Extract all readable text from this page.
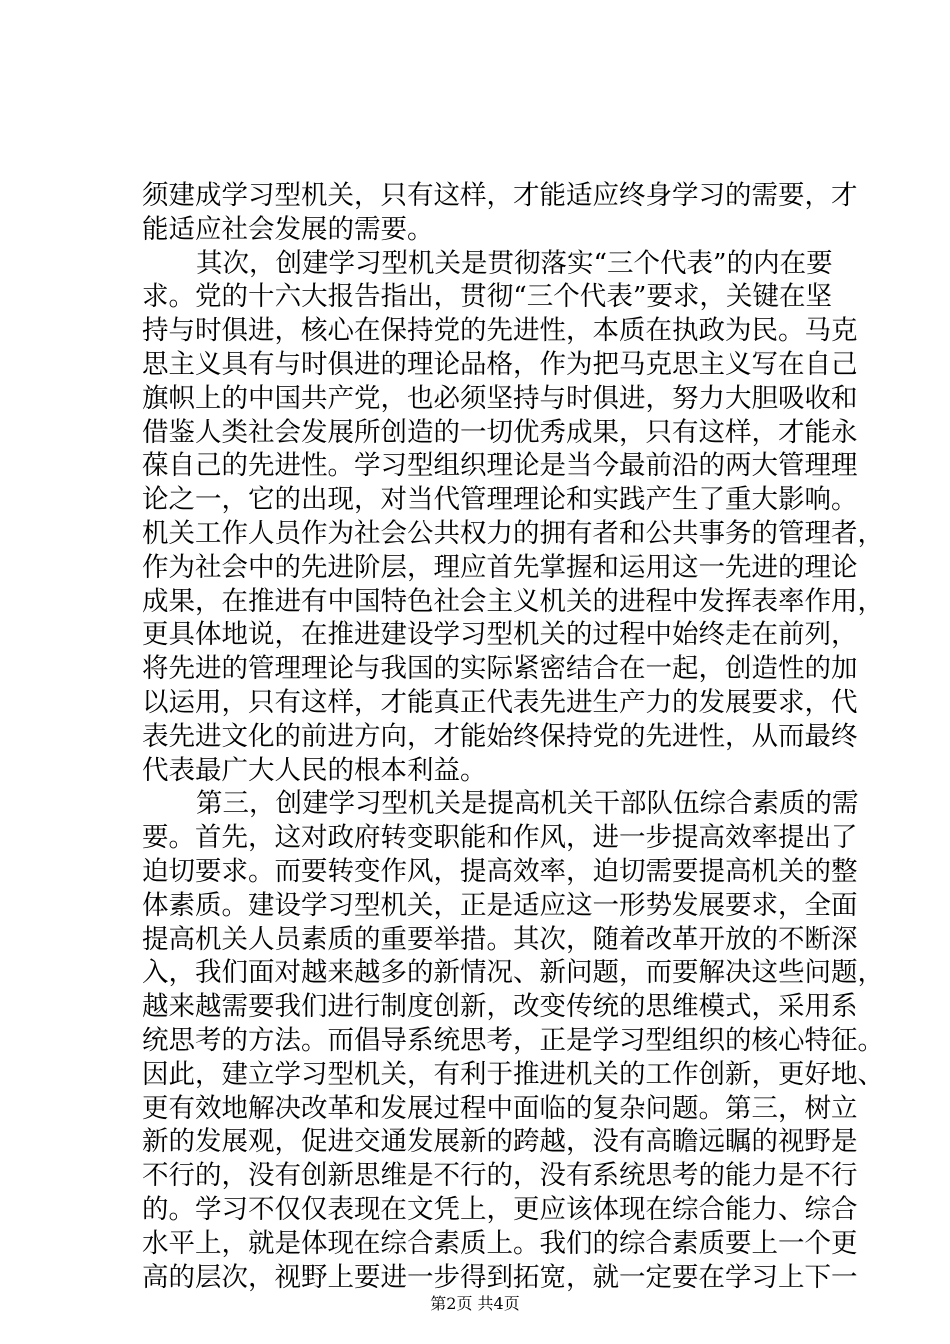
须建成学习型机关，只有这样，才能适应终身学习的需要，才
能适应社会发展的需要。
其次，创建学习型机关是贯彻落实“三个代表”的内在要
求。党的十六大报告指出，贯彻“三个代表”要求，关键在坚
持与时俱进，核心在保持党的先进性，本质在执政为民。马克
思主义具有与时俱进的理论品格，作为把马克思主义写在自己
旗帜上的中国共产党，也必须坚持与时俱进，努力大胆吸收和
借鉴人类社会发展所创造的一切优秀成果，只有这样，才能永
葆自己的先进性。学习型组织理论是当今最前沿的两大管理理
论之一，它的出现，对当代管理理论和实践产生了重大影响。
机关工作人员作为社会公共权力的拥有者和公共事务的管理者，
作为社会中的先进阶层，理应首先掌握和运用这一先进的理论
成果，在推进有中国特色社会主义机关的进程中发挥表率作用，
更具体地说，在推进建设学习型机关的过程中始终走在前列，
将先进的管理理论与我国的实际紧密结合在一起，创造性的加
以运用，只有这样，才能真正代表先进生产力的发展要求，代
表先进文化的前进方向，才能始终保持党的先进性，从而最终
代表最广大人民的根本利益。
第三，创建学习型机关是提高机关干部队伍综合素质的需
要。首先，这对政府转变职能和作风，进一步提高效率提出了
迫切要求。而要转变作风，提高效率，迫切需要提高机关的整
体素质。建设学习型机关，正是适应这一形势发展要求，全面
提高机关人员素质的重要举措。其次，随着改革开放的不断深
入，我们面对越来越多的新情况、新问题，而要解决这些问题，
越来越需要我们进行制度创新，改变传统的思维模式，采用系
统思考的方法。而倡导系统思考，正是学习型组织的核心特征。
因此，建立学习型机关，有利于推进机关的工作创新，更好地、
更有效地解决改革和发展过程中面临的复杂问题。第三，树立
新的发展观，促进交通发展新的跨越，没有高瞻远瞩的视野是
不行的，没有创新思维是不行的，没有系统思考的能力是不行
的。学习不仅仅表现在文凭上，更应该体现在综合能力、综合
水平上，就是体现在综合素质上。我们的综合素质要上一个更
高的层次，视野上要进一步得到拓宽，就一定要在学习上下一
第2页 共4页
